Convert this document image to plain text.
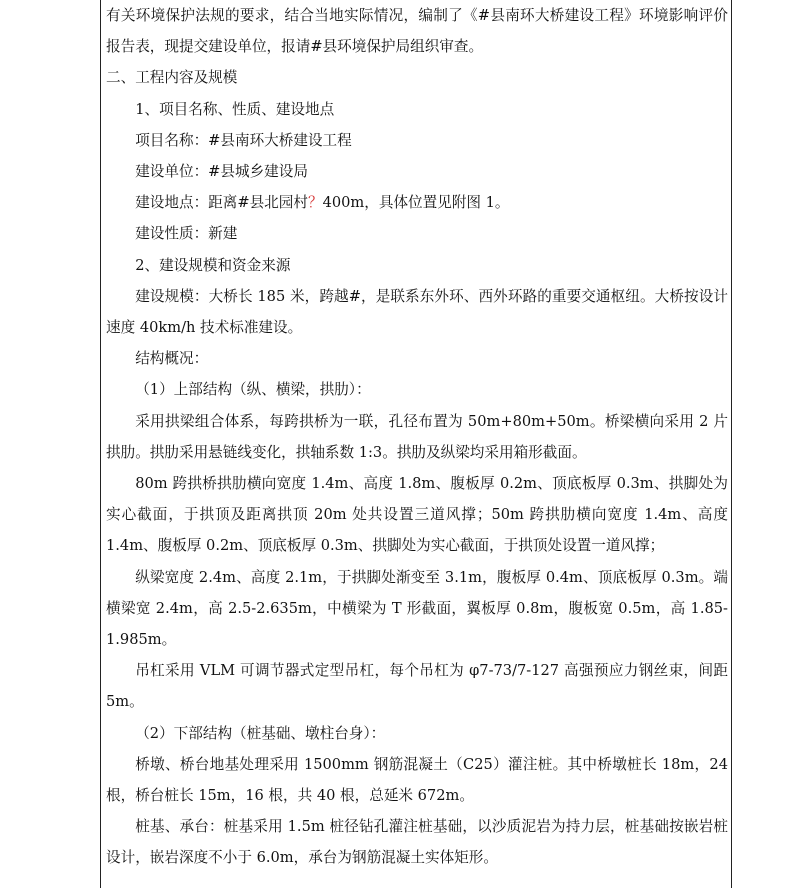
有关环境保护法规的要求，结合当地实际情况，编制了《#县南环大桥建设工程》环境影响评价报告表，现提交建设单位，报请#县环境保护局组织审查。

二、工程内容及规模

1、项目名称、性质、建设地点

项目名称：#县南环大桥建设工程

建设单位：#县城乡建设局

建设地点：距离#县北园村？400m，具体位置见附图 1。

建设性质：新建

2、建设规模和资金来源

建设规模：大桥长 185 米，跨越#，是联系东外环、西外环路的重要交通枢纽。大桥按设计速度 40km/h 技术标准建设。

结构概况：

（1）上部结构（纵、横梁，拱肋）：

采用拱梁组合体系，每跨拱桥为一联，孔径布置为 50m+80m+50m。桥梁横向采用 2 片拱肋。拱肋采用悬链线变化，拱轴系数 1:3。拱肋及纵梁均采用箱形截面。

80m 跨拱桥拱肋横向宽度 1.4m、高度 1.8m、腹板厚 0.2m、顶底板厚 0.3m、拱脚处为实心截面，于拱顶及距离拱顶 20m 处共设置三道风撑；50m 跨拱肋横向宽度 1.4m、高度 1.4m、腹板厚 0.2m、顶底板厚 0.3m、拱脚处为实心截面，于拱顶处设置一道风撑；

纵梁宽度 2.4m、高度 2.1m，于拱脚处渐变至 3.1m，腹板厚 0.4m、顶底板厚 0.3m。端横梁宽 2.4m，高 2.5-2.635m，中横梁为 T 形截面，翼板厚 0.8m，腹板宽 0.5m，高 1.85-1.985m。

吊杠采用 VLM 可调节器式定型吊杠，每个吊杠为 φ7-73/7-127 高强预应力钢丝束，间距 5m。

（2）下部结构（桩基础、墩柱台身）：

桥墩、桥台地基处理采用 1500mm 钢筋混凝土（C25）灌注桩。其中桥墩桩长 18m，24 根，桥台桩长 15m，16 根，共 40 根，总延米 672m。

桩基、承台：桩基采用 1.5m 桩径钻孔灌注桩基础，以沙质泥岩为持力层，桩基础按嵌岩桩设计，嵌岩深度不小于 6.0m，承台为钢筋混凝土实体矩形。
